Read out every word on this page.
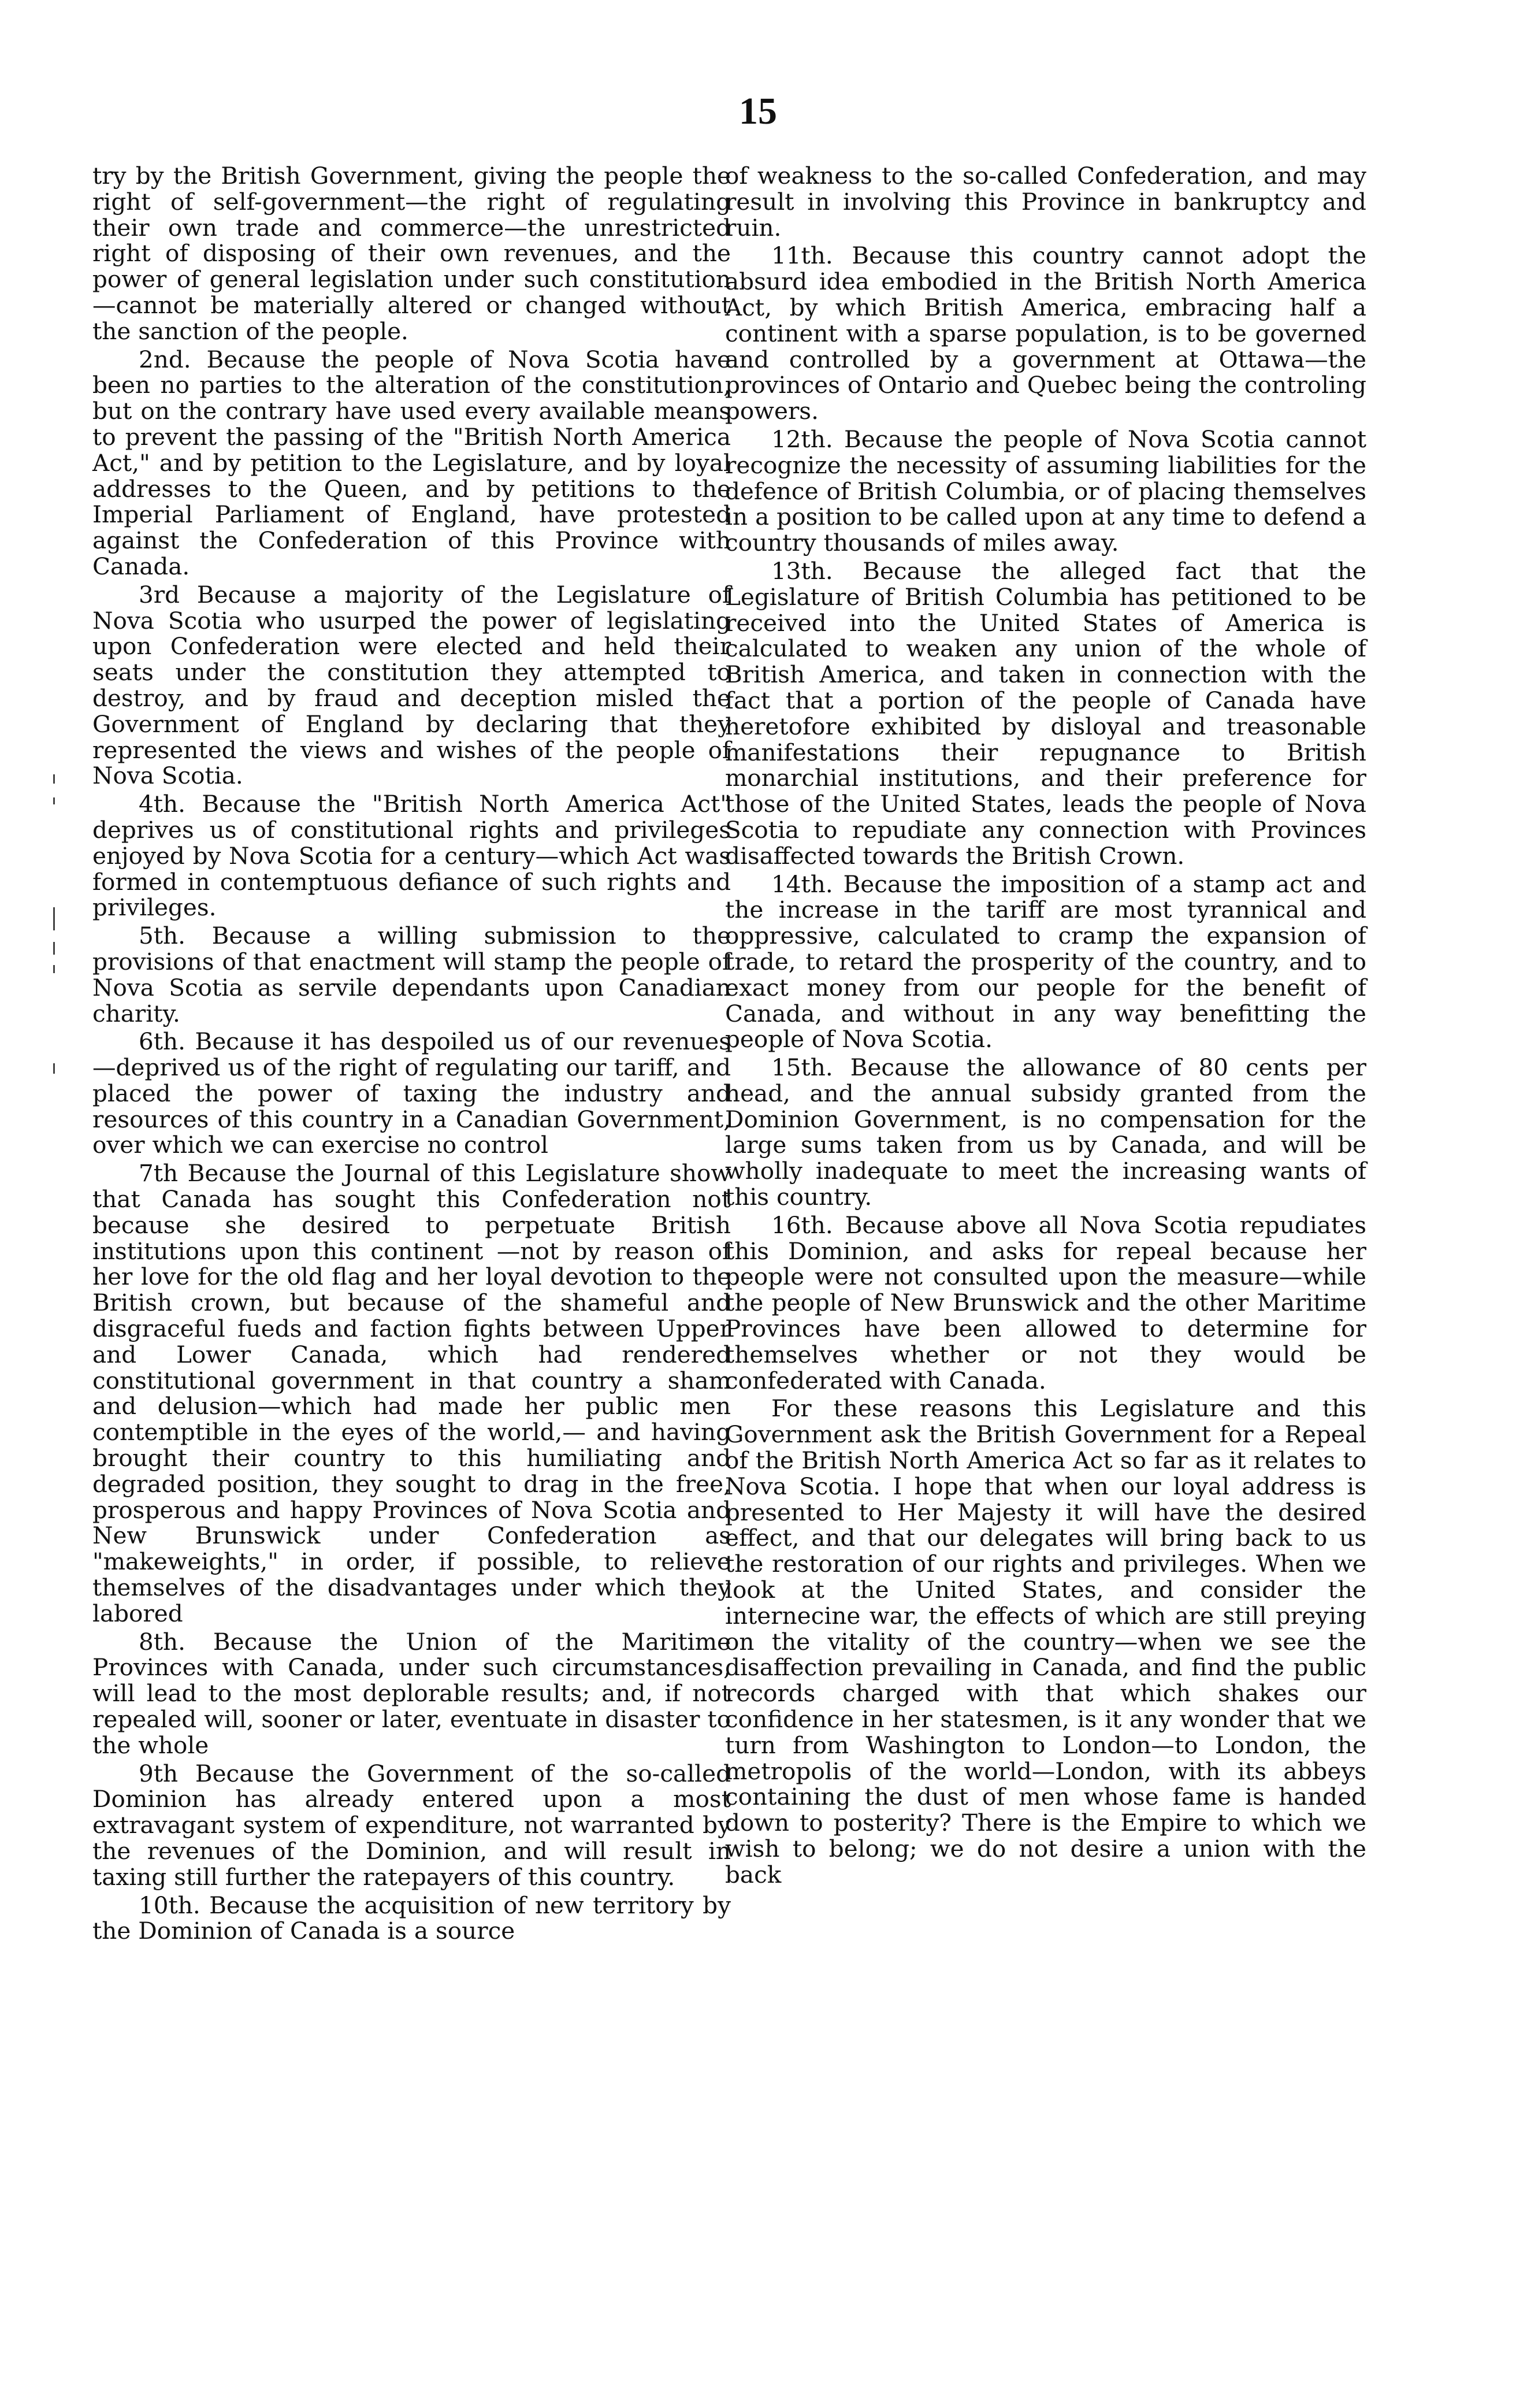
15

try by the British Government, giving the people the right of self-government—the right of regulating their own trade and commerce—the unrestricted right of disposing of their own revenues, and the power of general legislation under such constitution—cannot be materially altered or changed without the sanction of the people.

2nd. Because the people of Nova Scotia have been no parties to the alteration of the constitution, but on the contrary have used every available means to prevent the passing of the "British North America Act," and by petition to the Legislature, and by loyal addresses to the Queen, and by petitions to the Imperial Parliament of England, have protested against the Confederation of this Province with Canada.

3rd Because a majority of the Legislature of Nova Scotia who usurped the power of legislating upon Confederation were elected and held their seats under the constitution they attempted to destroy, and by fraud and deception misled the Government of England by declaring that they represented the views and wishes of the people of Nova Scotia.

4th. Because the "British North America Act" deprives us of constitutional rights and privileges enjoyed by Nova Scotia for a century—which Act was formed in contemptuous defiance of such rights and privileges.

5th. Because a willing submission to the provisions of that enactment will stamp the people of Nova Scotia as servile dependants upon Canadian charity.

6th. Because it has despoiled us of our revenues—deprived us of the right of regulating our tariff, and placed the power of taxing the industry and resources of this country in a Canadian Government, over which we can exercise no control

7th Because the Journal of this Legislature show that Canada has sought this Confederation not because she desired to perpetuate British institutions upon this continent —not by reason of her love for the old flag and her loyal devotion to the British crown, but because of the shameful and disgraceful fueds and faction fights between Upper and Lower Canada, which had rendered constitutional government in that country a sham and delusion—which had made her public men contemptible in the eyes of the world,— and having brought their country to this humiliating and degraded position, they sought to drag in the free, prosperous and happy Provinces of Nova Scotia and New Brunswick under Confederation as "makeweights," in order, if possible, to relieve themselves of the disadvantages under which they labored

8th. Because the Union of the Maritime Provinces with Canada, under such circumstances, will lead to the most deplorable results; and, if not repealed will, sooner or later, eventuate in disaster to the whole

9th Because the Government of the so-called Dominion has already entered upon a most extravagant system of expenditure, not warranted by the revenues of the Dominion, and will result in taxing still further the ratepayers of this country.

10th. Because the acquisition of new territory by the Dominion of Canada is a source

of weakness to the so-called Confederation, and may result in involving this Province in bankruptcy and ruin.

11th. Because this country cannot adopt the absurd idea embodied in the British North America Act, by which British America, embracing half a continent with a sparse population, is to be governed and controlled by a government at Ottawa—the provinces of Ontario and Quebec being the controling powers.

12th. Because the people of Nova Scotia cannot recognize the necessity of assuming liabilities for the defence of British Columbia, or of placing themselves in a position to be called upon at any time to defend a country thousands of miles away.

13th. Because the alleged fact that the Legislature of British Columbia has petitioned to be received into the United States of America is calculated to weaken any union of the whole of British America, and taken in connection with the fact that a portion of the people of Canada have heretofore exhibited by disloyal and treasonable manifestations their repugnance to British monarchial institutions, and their preference for those of the United States, leads the people of Nova Scotia to repudiate any connection with Provinces disaffected towards the British Crown.

14th. Because the imposition of a stamp act and the increase in the tariff are most tyrannical and oppressive, calculated to cramp the expansion of trade, to retard the prosperity of the country, and to exact money from our people for the benefit of Canada, and without in any way benefitting the people of Nova Scotia.

15th. Because the allowance of 80 cents per head, and the annual subsidy granted from the Dominion Government, is no compensation for the large sums taken from us by Canada, and will be wholly inadequate to meet the increasing wants of this country.

16th. Because above all Nova Scotia repudiates this Dominion, and asks for repeal because her people were not consulted upon the measure—while the people of New Brunswick and the other Maritime Provinces have been allowed to determine for themselves whether or not they would be confederated with Canada.

For these reasons this Legislature and this Government ask the British Government for a Repeal of the British North America Act so far as it relates to Nova Scotia. I hope that when our loyal address is presented to Her Majesty it will have the desired effect, and that our delegates will bring back to us the restoration of our rights and privileges. When we look at the United States, and consider the internecine war, the effects of which are still preying on the vitality of the country—when we see the disaffection prevailing in Canada, and find the public records charged with that which shakes our confidence in her statesmen, is it any wonder that we turn from Washington to London—to London, the metropolis of the world—London, with its abbeys containing the dust of men whose fame is handed down to posterity? There is the Empire to which we wish to belong; we do not desire a union with the back
